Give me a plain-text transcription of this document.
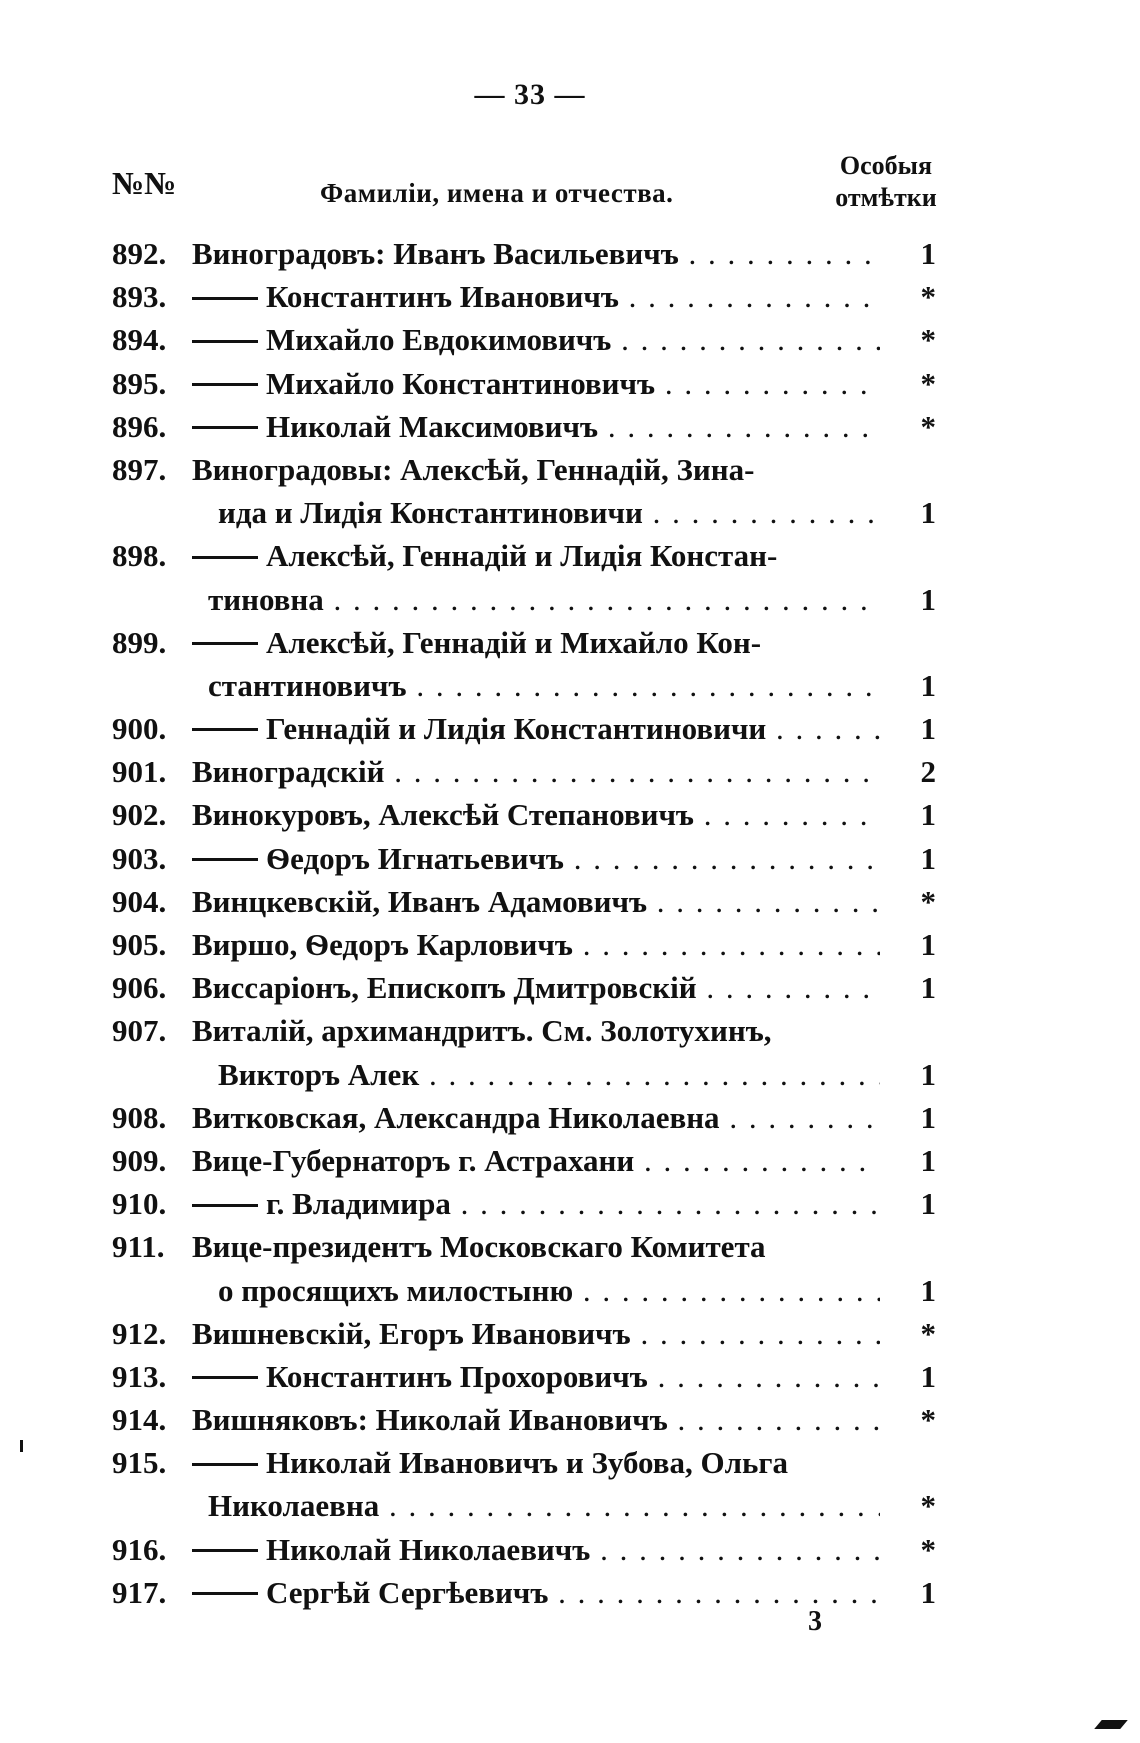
— 33 —
№№	Фамиліи, имена и отчества.
Особыя
отмѣтки
892. Виноградовъ: Иванъ Васильевичъ . . .	1
893.	Константинъ Ивановичъ . . .	*
894.	Михайло Евдокимовичъ . . .	*
895.	Михайло Константиновичъ . . .	*
896.	Николай Максимовичъ . . .	*
897. Виноградовы: Алексѣй, Геннадій, Зина-
ида и Лидія Константиновичи . . .	1
898.	Алексѣй, Геннадій и Лидія Констан-
тиновна . . .	1
899.	Алексѣй, Геннадій и Михайло Кон-
стантиновичъ . . .	1
900.	Геннадій и Лидія Константиновичи . . .	1
901. Виноградскій . . .	2
902. Винокуровъ, Алексѣй Степановичъ . . .	1
903.	Ѳедоръ Игнатьевичъ . . .	1
904. Винцкевскій, Иванъ Адамовичъ . . .	*
905. Виршо, Ѳедоръ Карловичъ . . .	1
906. Виссаріонъ, Епископъ Дмитровскій . . .	1
907. Виталій, архимандритъ. См. Золотухинъ,
Викторъ Алек . . .	1
908. Витковская, Александра Николаевна . . .	1
909. Вице-Губернаторъ г. Астрахани . . .	1
910.	г. Владимира . . .	1
911. Вице-президентъ Московскаго Комитета
о просящихъ милостыню . . .	1
912. Вишневскій, Егоръ Ивановичъ . . .	*
913.	Константинъ Прохоровичъ . . .	1
914. Вишняковъ: Николай Ивановичъ . . .	*
915.	Николай Ивановичъ и Зубова, Ольга
Николаевна . . .	*
916.	Николай Николаевичъ . . .	*
917.	Сергѣй Сергѣевичъ . . .	1
3
